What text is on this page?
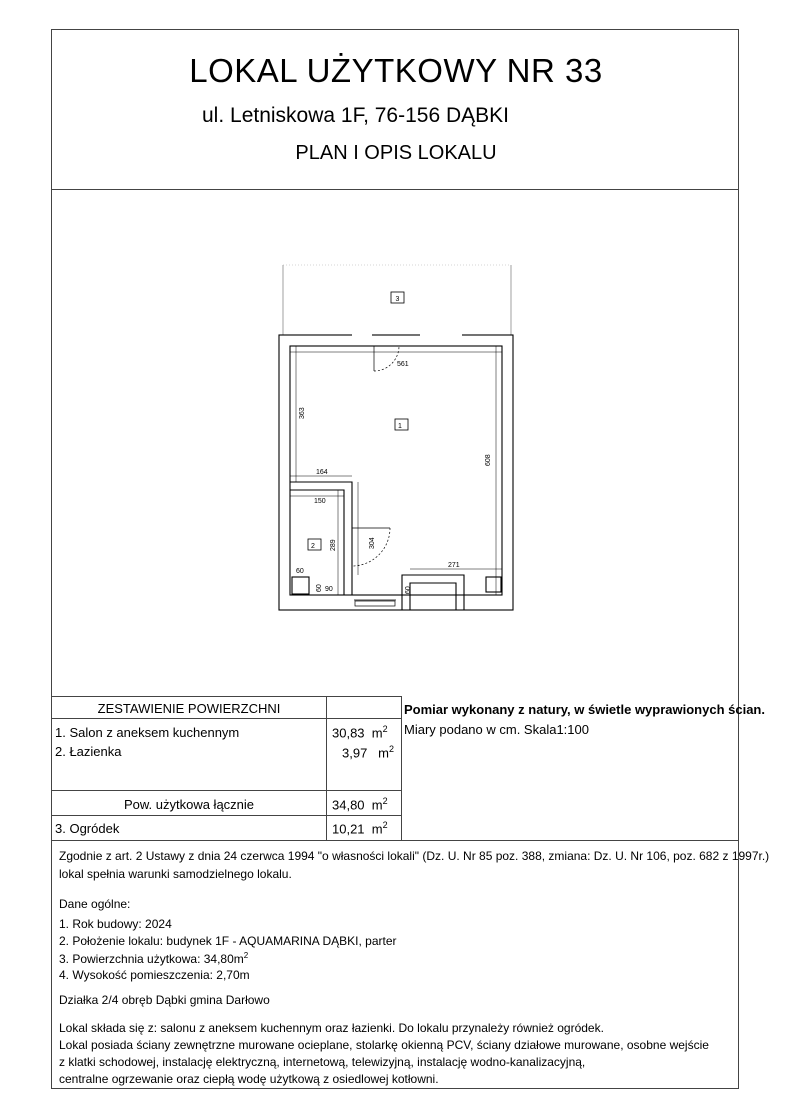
LOKAL UŻYTKOWY NR 33
ul. Letniskowa 1F, 76-156 DĄBKI
PLAN I OPIS LOKALU
3
561
363
608
164
150
289	304
271
60
60 90	60
1
2
ZESTAWIENIE POWIERZCHNI
1. Salon z aneksem kuchennym	30,83 $m^2$
2. Łazienka	3,97 $m^2$
Pow. użytkowa łącznie	34,80 $m^2$
3. Ogródek	10,21 $m^2$
Pomiar wykonany z natury, w świetle wyprawionych ścian.
Miary podano w cm. Skala1:100
Zgodnie z art. 2 Ustawy z dnia 24 czerwca 1994 "o własności lokali" (Dz. U. Nr 85 poz. 388, zmiana: Dz. U. Nr 106, poz. 682 z 1997r.)
lokal spełnia warunki samodzielnego lokalu.
Dane ogólne:
1. Rok budowy: 2024
2. Położenie lokalu: budynek 1F - AQUAMARINA DĄBKI, parter
3. Powierzchnia użytkowa: $34,80m^2$
4. Wysokość pomieszczenia: 2,70m
Działka 2/4 obręb Dąbki gmina Darłowo
Lokal składa się z: salonu z aneksem kuchennym oraz łazienki. Do lokalu przynależy również ogródek.
Lokal posiada ściany zewnętrzne murowane ocieplane, stolarkę okienną PCV, ściany działowe murowane, osobne wejście
z klatki schodowej, instalację elektryczną, internetową, telewizyjną, instalację wodno-kanalizacyjną,
centralne ogrzewanie oraz ciepłą wodę użytkową z osiedlowej kotłowni.
